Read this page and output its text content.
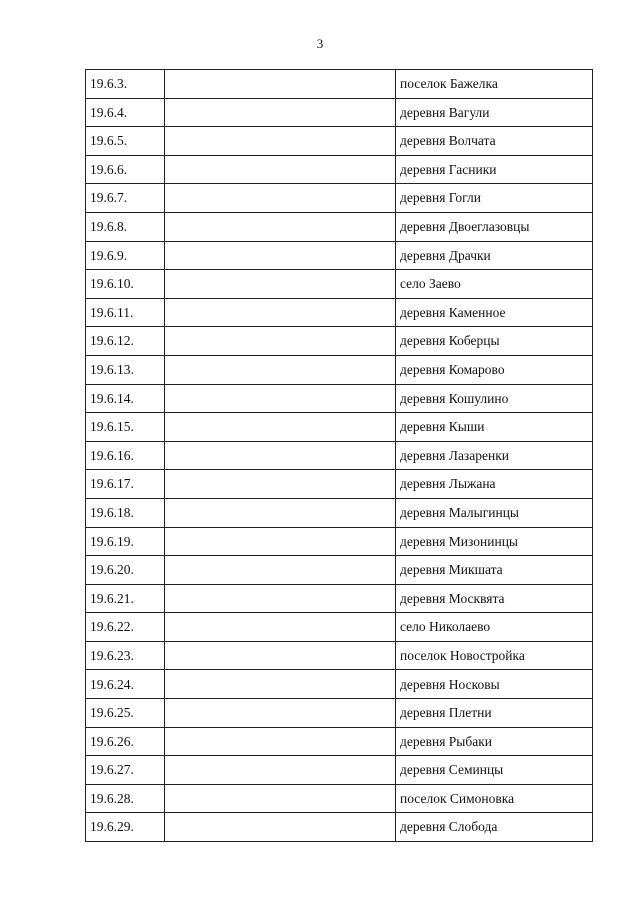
3
19.6.3.		поселок Бажелка
19.6.4.		деревня Вагули
19.6.5.		деревня Волчата
19.6.6.		деревня Гасники
19.6.7.		деревня Гогли
19.6.8.		деревня Двоеглазовцы
19.6.9.		деревня Драчки
19.6.10.		село Заево
19.6.11.		деревня Каменное
19.6.12.		деревня Коберцы
19.6.13.		деревня Комарово
19.6.14.		деревня Кошулино
19.6.15.		деревня Кыши
19.6.16.		деревня Лазаренки
19.6.17.		деревня Лыжана
19.6.18.		деревня Малыгинцы
19.6.19.		деревня Мизонинцы
19.6.20.		деревня Микшата
19.6.21.		деревня Москвята
19.6.22.		село Николаево
19.6.23.		поселок Новостройка
19.6.24.		деревня Носковы
19.6.25.		деревня Плетни
19.6.26.		деревня Рыбаки
19.6.27.		деревня Семинцы
19.6.28.		поселок Симоновка
19.6.29.		деревня Слобода
